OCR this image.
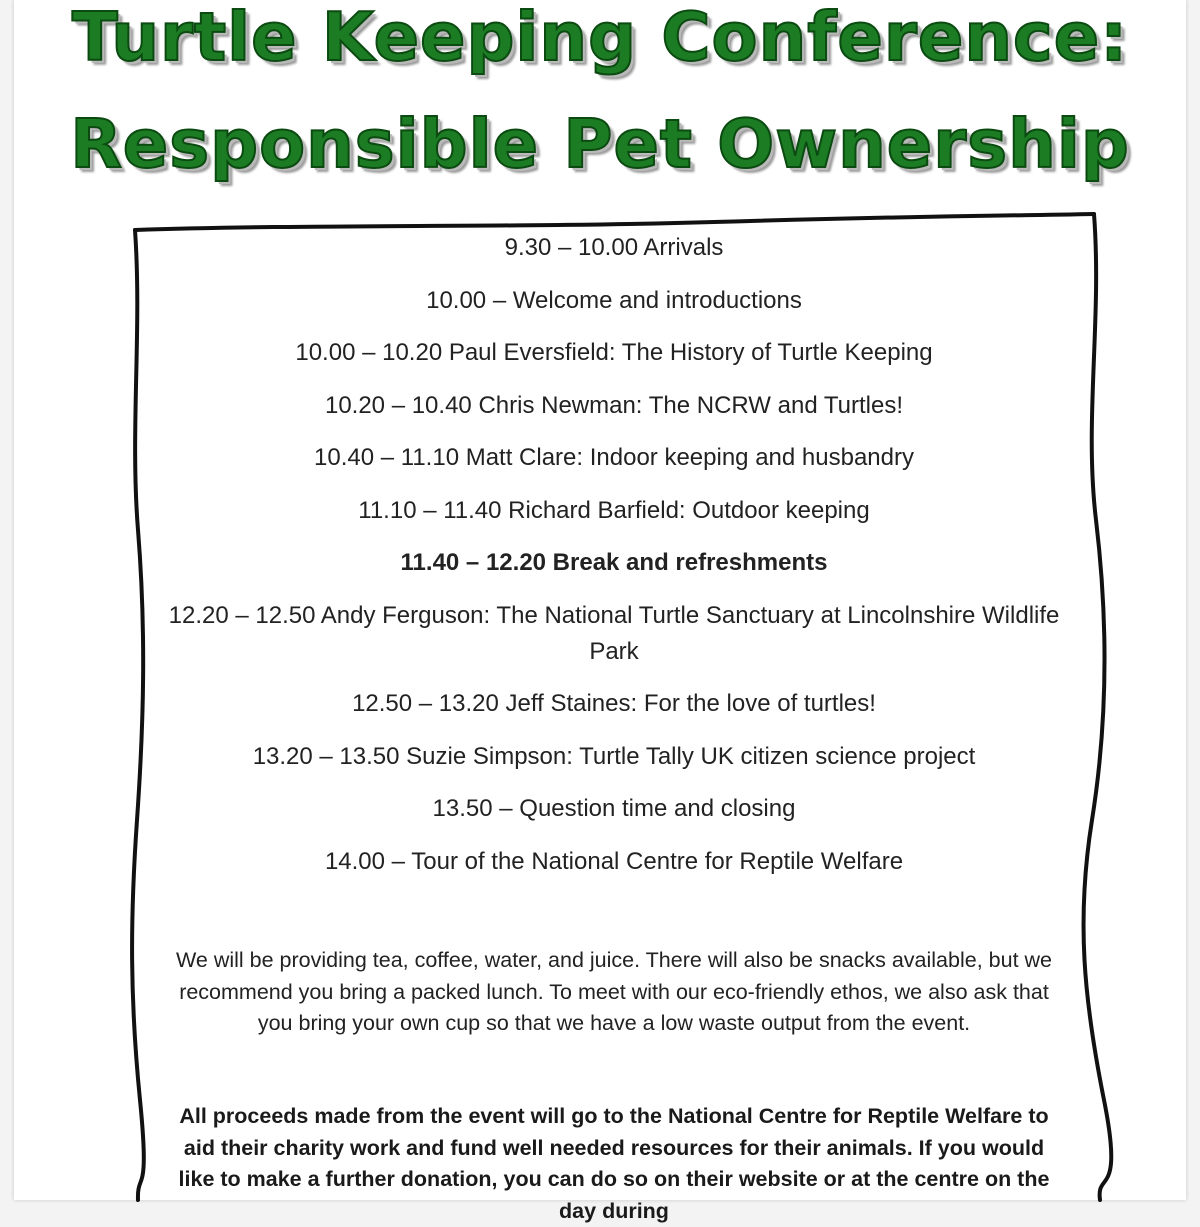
Turtle Keeping Conference:
Responsible Pet Ownership
9.30 – 10.00 Arrivals
10.00 – Welcome and introductions
10.00 – 10.20 Paul Eversfield: The History of Turtle Keeping
10.20 – 10.40 Chris Newman: The NCRW and Turtles!
10.40 – 11.10 Matt Clare: Indoor keeping and husbandry
11.10 – 11.40 Richard Barfield: Outdoor keeping
11.40 – 12.20 Break and refreshments
12.20 – 12.50 Andy Ferguson: The National Turtle Sanctuary at Lincolnshire Wildlife Park
12.50 – 13.20 Jeff Staines: For the love of turtles!
13.20 – 13.50 Suzie Simpson: Turtle Tally UK citizen science project
13.50 – Question time and closing
14.00 – Tour of the National Centre for Reptile Welfare

We will be providing tea, coffee, water, and juice. There will also be snacks available, but we recommend you bring a packed lunch. To meet with our eco-friendly ethos, we also ask that you bring your own cup so that we have a low waste output from the event.

All proceeds made from the event will go to the National Centre for Reptile Welfare to aid their charity work and fund well needed resources for their animals. If you would like to make a further donation, you can do so on their website or at the centre on the day during
